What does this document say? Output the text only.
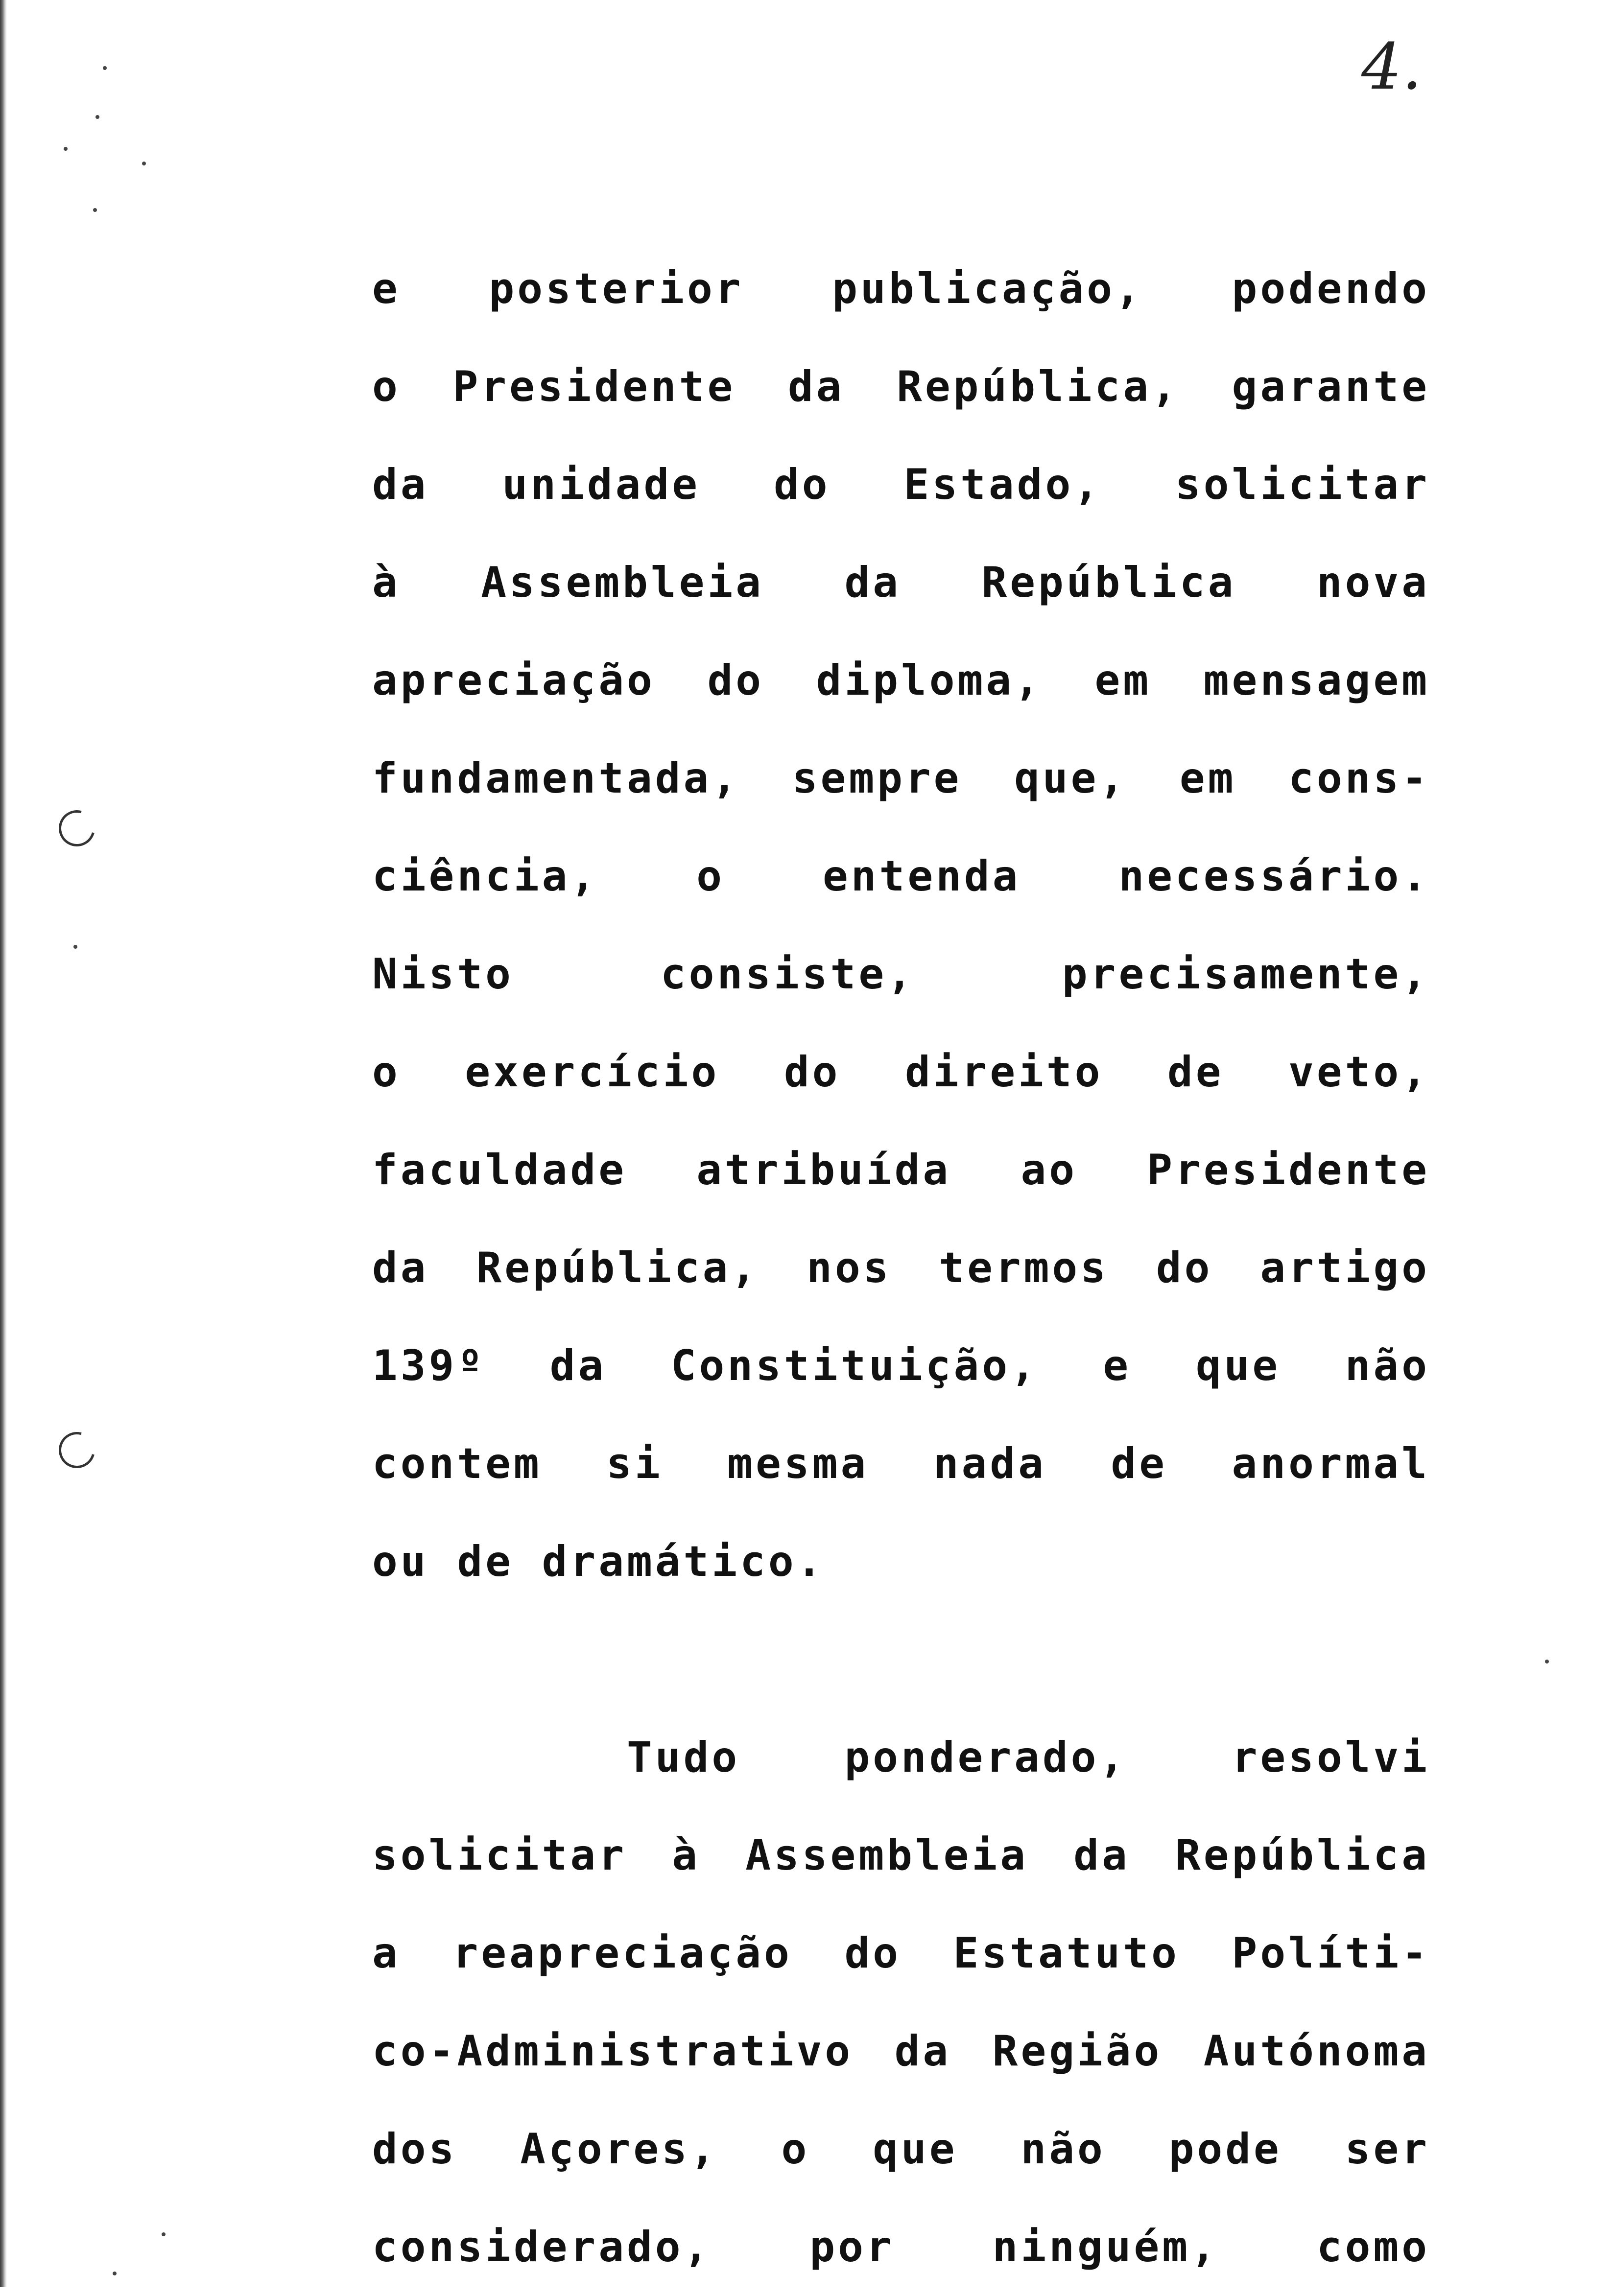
4.
e posterior publicação, podendo
o Presidente da República, garante
da unidade do Estado, solicitar
à Assembleia da República nova
apreciação do diploma, em mensagem
fundamentada, sempre que, em cons-
ciência, o entenda necessário.
Nisto consiste, precisamente,
o exercício do direito de veto,
faculdade atribuída ao Presidente
da República, nos termos do artigo
139º da Constituição, e que não
contem si mesma nada de anormal
ou de dramático.
Tudo ponderado, resolvi
solicitar à Assembleia da República
a reapreciação do Estatuto Políti-
co-Administrativo da Região Autónoma
dos Açores, o que não pode ser
considerado, por ninguém, como
